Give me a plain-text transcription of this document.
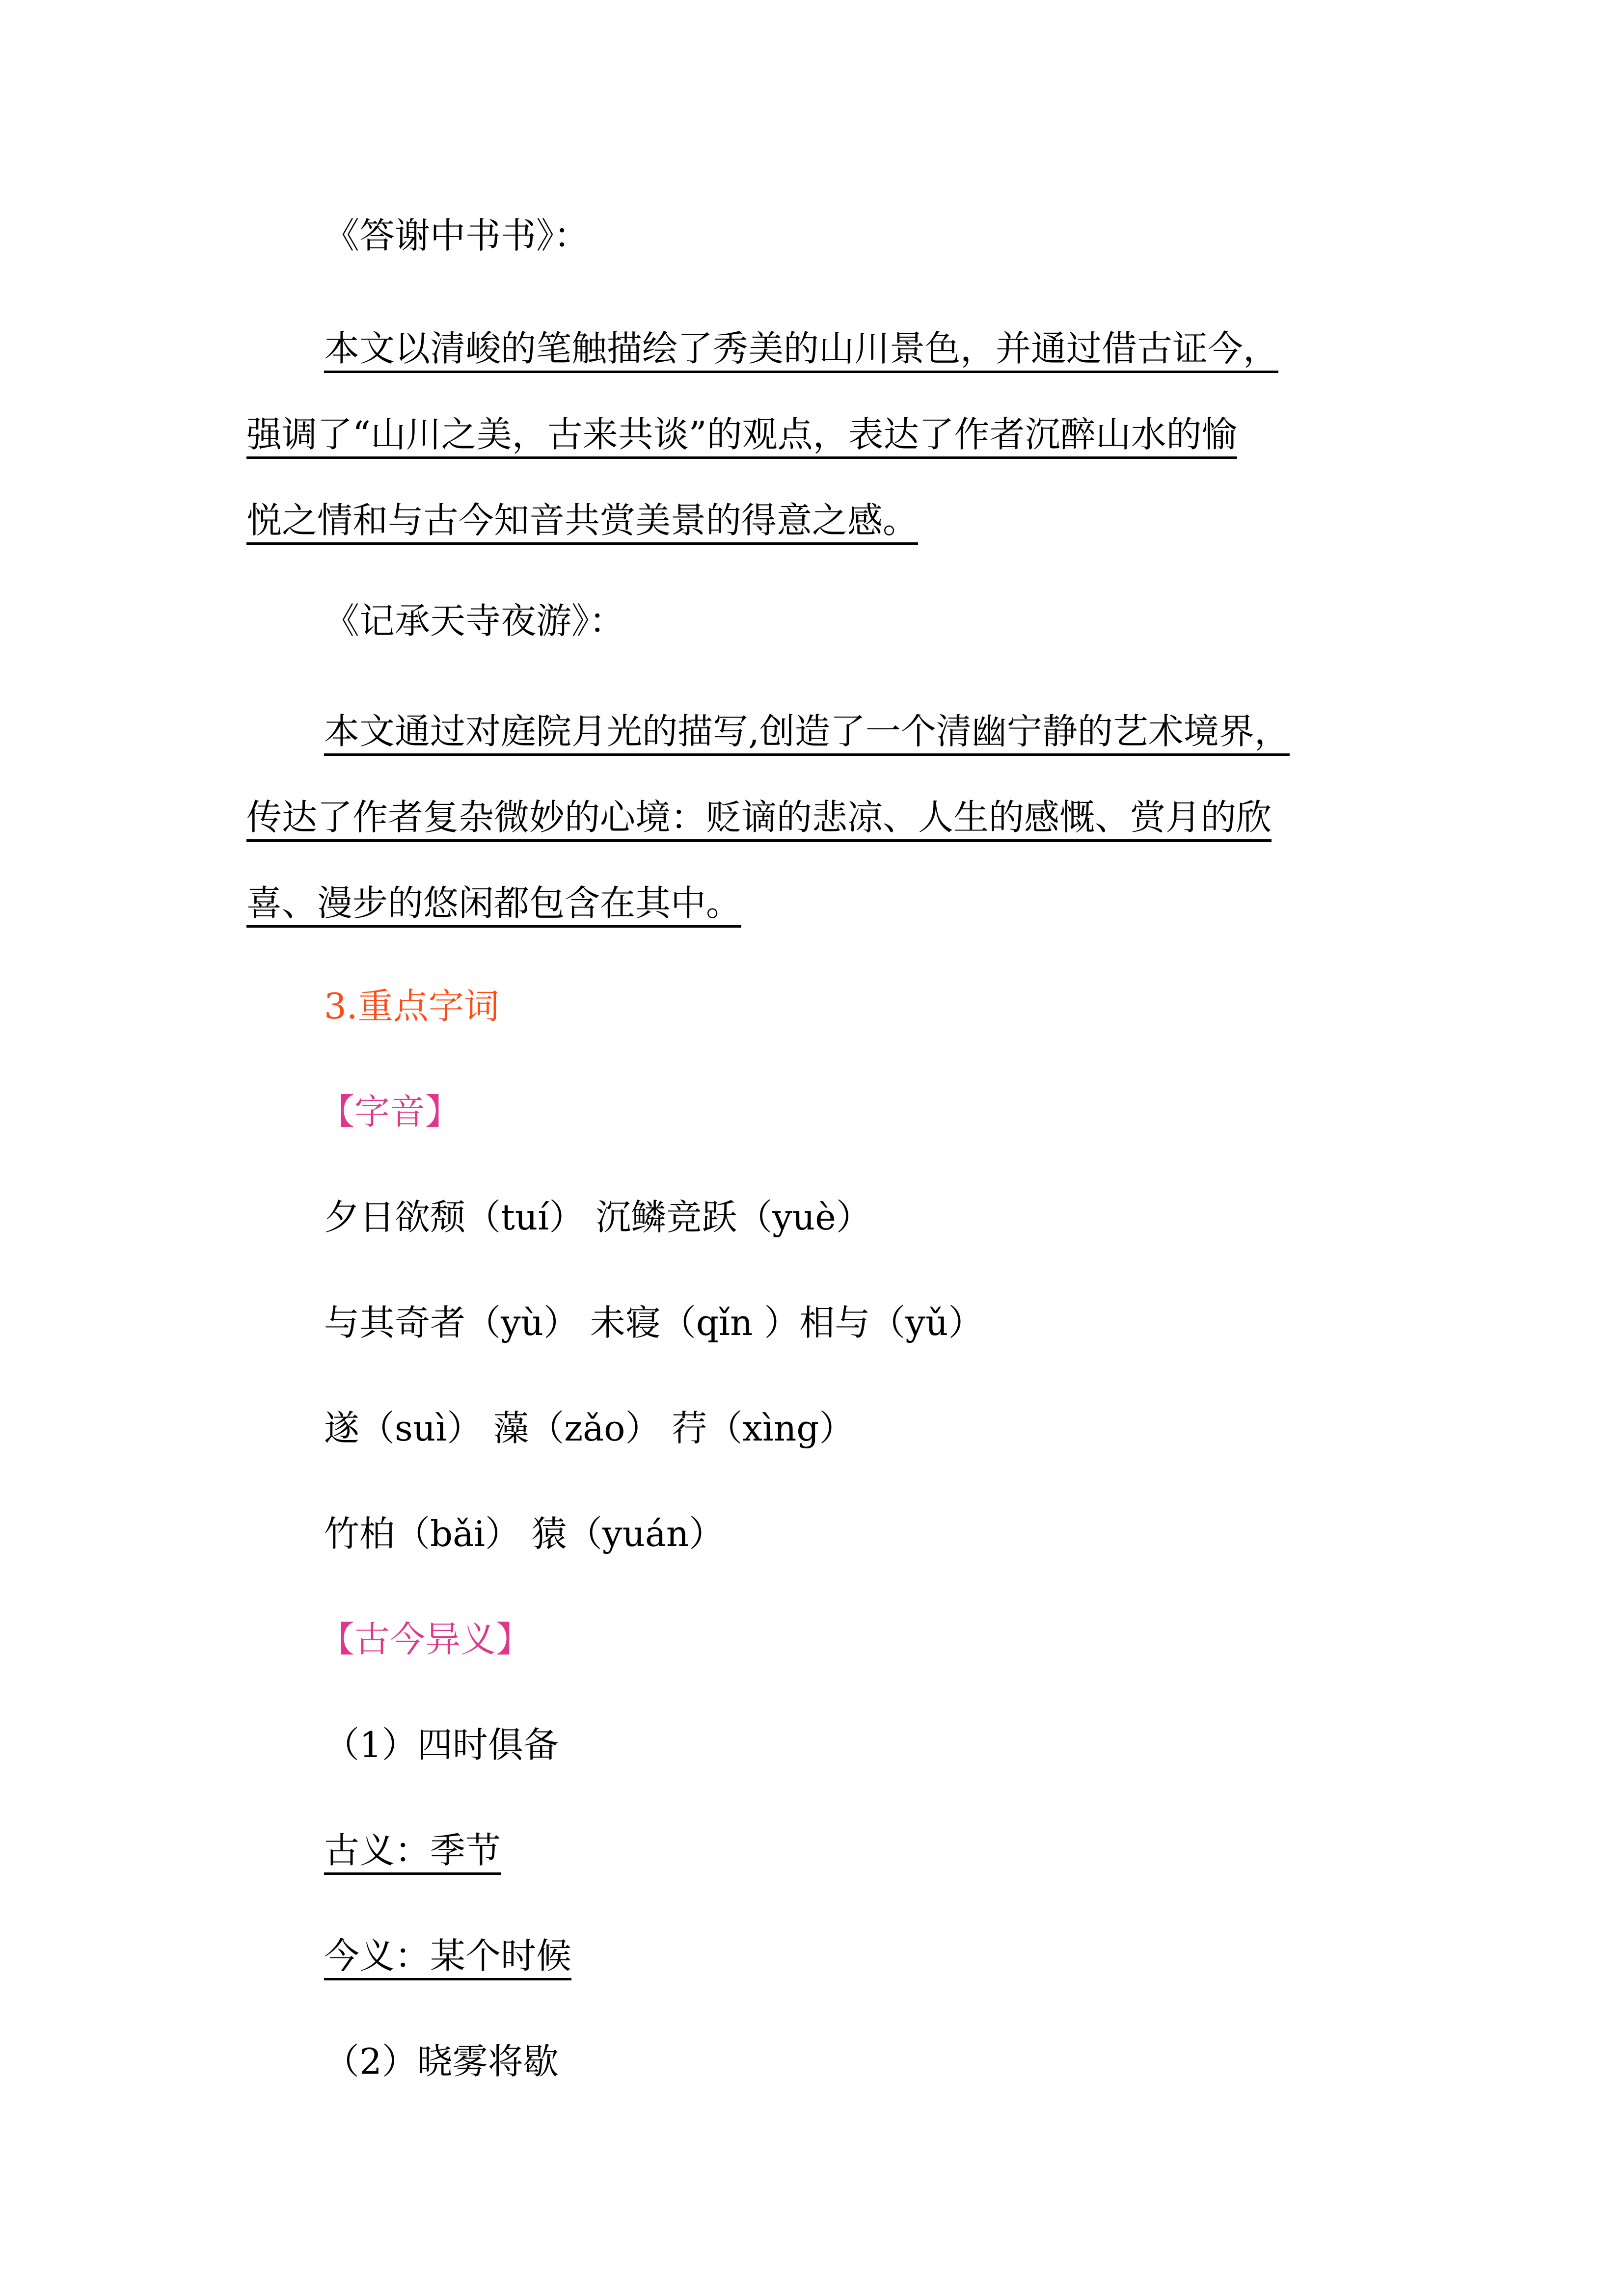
《答谢中书书》：
本文以清峻的笔触描绘了秀美的山川景色，并通过借古证今，
强调了“山川之美，古来共谈”的观点，表达了作者沉醉山水的愉
悦之情和与古今知音共赏美景的得意之感。
《记承天寺夜游》：
本文通过对庭院月光的描写,创造了一个清幽宁静的艺术境界，
传达了作者复杂微妙的心境：贬谪的悲凉、人生的感慨、赏月的欣
喜、漫步的悠闲都包含在其中。
3.重点字词
【字音】
夕日欲颓（tuí） 沉鳞竞跃（yuè）
与其奇者（yù） 未寝（qǐn ）相与（yǔ）
遂（suì） 藻（zǎo） 荇（xìng）
竹柏（bǎi） 猿（yuán）
【古今异义】
（1）四时俱备
古义：季节
今义：某个时候
（2）晓雾将歇
